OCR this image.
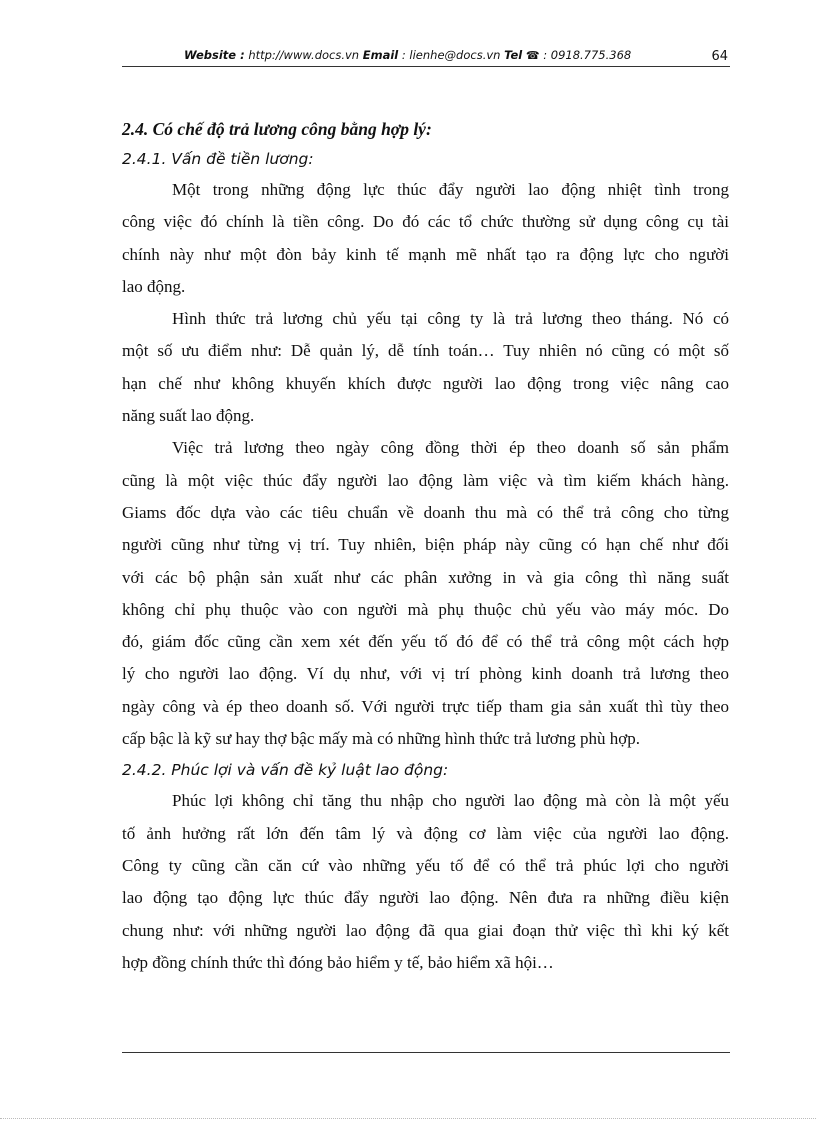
Website : http://www.docs.vn Email : lienhe@docs.vn Tel ☎ : 0918.775.368	64
2.4. Có chế độ trả lương công bằng hợp lý:
2.4.1. Vấn đề tiền lương:
Một trong những động lực thúc đẩy người lao động nhiệt tình trong
công việc đó chính là tiền công. Do đó các tổ chức thường sử dụng công cụ tài
chính này như một đòn bảy kinh tế mạnh mẽ nhất tạo ra động lực cho người
lao động.
Hình thức trả lương chủ yếu tại công ty là trả lương theo tháng. Nó có
một số ưu điểm như: Dễ quản lý, dễ tính toán… Tuy nhiên nó cũng có một số
hạn chế như không khuyến khích được người lao động trong việc nâng cao
năng suất lao động.
Việc trả lương theo ngày công đồng thời ép theo doanh số sản phẩm
cũng là một việc thúc đẩy người lao động làm việc và tìm kiếm khách hàng.
Giams đốc dựa vào các tiêu chuẩn về doanh thu mà có thể trả công cho từng
người cũng như từng vị trí. Tuy nhiên, biện pháp này cũng có hạn chế như đối
với các bộ phận sản xuất như các phân xưởng in và gia công thì năng suất
không chỉ phụ thuộc vào con người mà phụ thuộc chủ yếu vào máy móc. Do
đó, giám đốc cũng cần xem xét đến yếu tố đó để có thể trả công một cách hợp
lý cho người lao động. Ví dụ như, với vị trí phòng kinh doanh trả lương theo
ngày công và ép theo doanh số. Với người trực tiếp tham gia sản xuất thì tùy theo
cấp bậc là kỹ sư hay thợ bậc mấy mà có những hình thức trả lương phù hợp.
2.4.2. Phúc lợi và vấn đề kỷ luật lao động:
Phúc lợi không chỉ tăng thu nhập cho người lao động mà còn là một yếu
tố ảnh hưởng rất lớn đến tâm lý và động cơ làm việc của người lao động.
Công ty cũng cần căn cứ vào những yếu tố để có thể trả phúc lợi cho người
lao động tạo động lực thúc đẩy người lao động. Nên đưa ra những điều kiện
chung như: với những người lao động đã qua giai đoạn thử việc thì khi ký kết
hợp đồng chính thức thì đóng bảo hiểm y tế, bảo hiểm xã hội…
